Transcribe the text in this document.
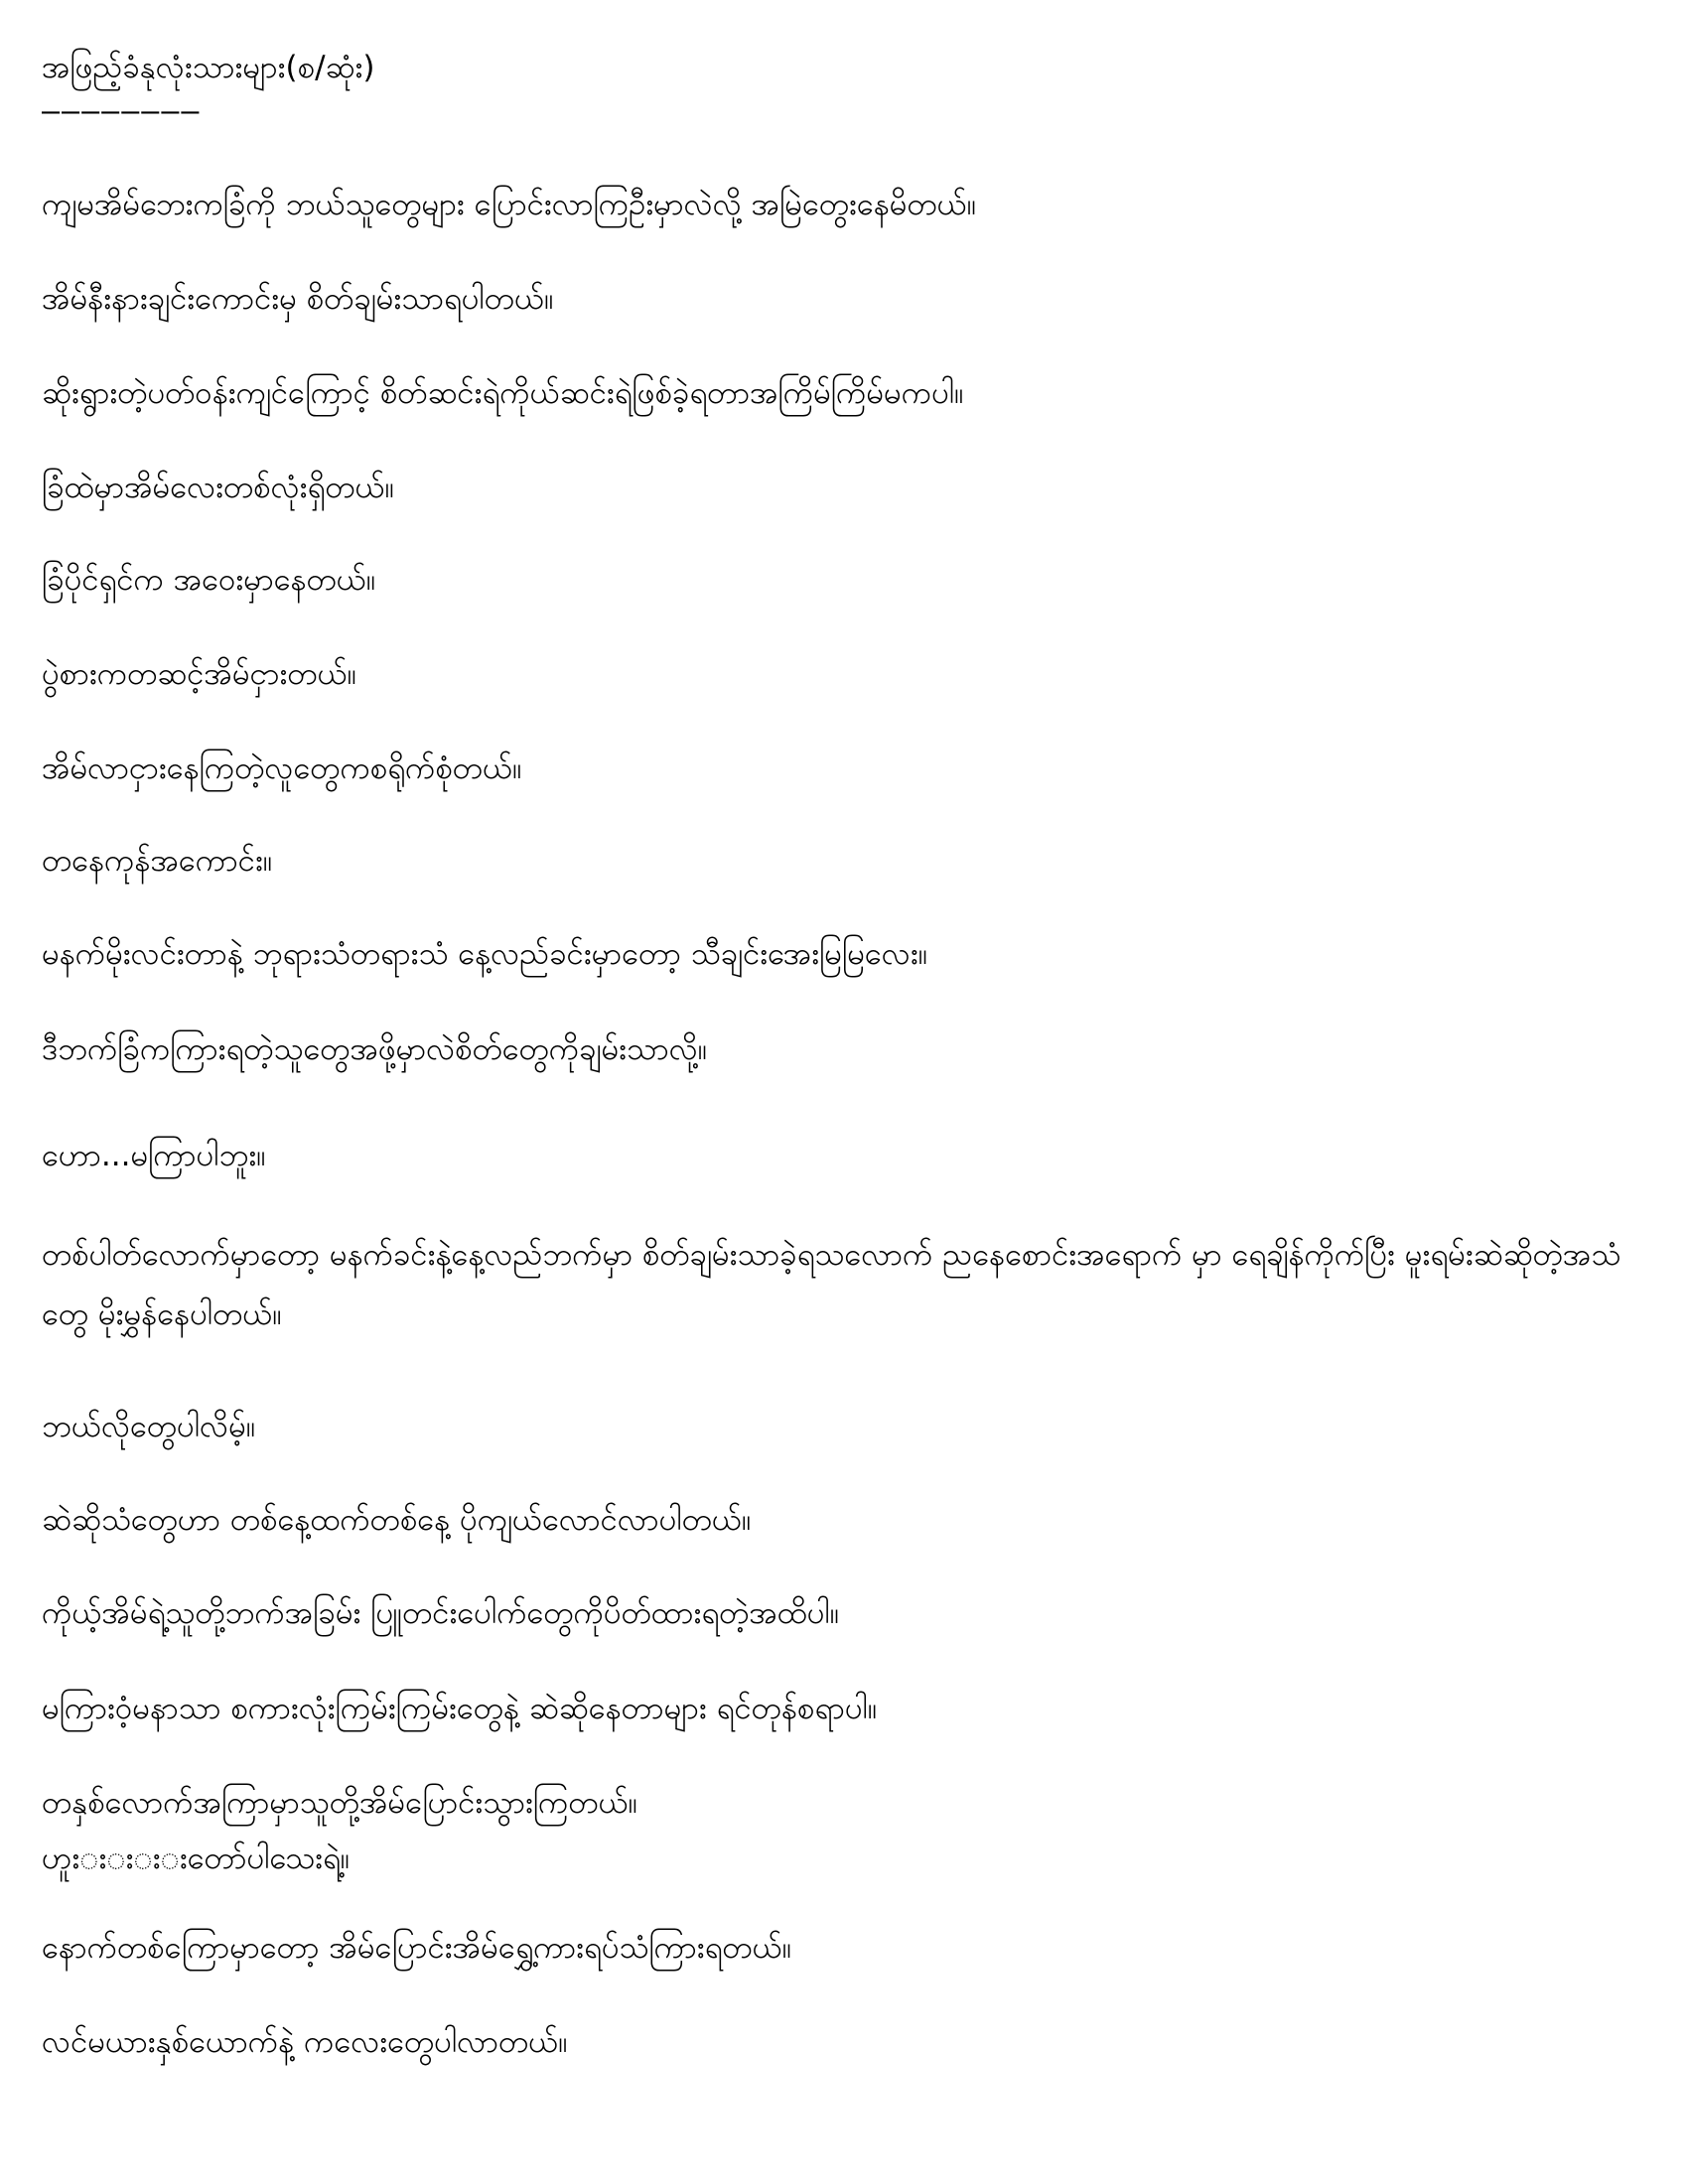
အဖြည့်ခံနုလုံးသားများ(စ/ဆုံး)
————————
ကျမအိမ်ဘေးကခြံကို ဘယ်သူတွေများ ပြောင်းလာကြဦးမှာလဲလို့ အမြဲတွေးနေမိတယ်။
အိမ်နီးနားချင်းကောင်းမှ စိတ်ချမ်းသာရပါတယ်။
ဆိုးရွားတဲ့ပတ်ဝန်းကျင်ကြောင့် စိတ်ဆင်းရဲကိုယ်ဆင်းရဲဖြစ်ခဲ့ရတာအကြိမ်ကြိမ်မကပါ။
ခြံထဲမှာအိမ်လေးတစ်လုံးရှိတယ်။
ခြံပိုင်ရှင်က အဝေးမှာနေတယ်။
ပွဲစားကတဆင့်အိမ်ငှားတယ်။
အိမ်လာငှားနေကြတဲ့လူတွေကစရိုက်စုံတယ်။
တနေကုန်အကောင်း။
မနက်မိုးလင်းတာနဲ့ ဘုရားသံတရားသံ နေ့လည်ခင်းမှာတော့ သီချင်းအေးမြမြလေး။
ဒီဘက်ခြံကကြားရတဲ့သူတွေအဖို့မှာလဲစိတ်တွေကိုချမ်းသာလို့။
ဟော...မကြာပါဘူး။
တစ်ပါတ်လောက်မှာတော့ မနက်ခင်းနဲ့နေ့လည်ဘက်မှာ စိတ်ချမ်းသာခဲ့ရသလောက် ညနေစောင်းအရောက် မှာ ရေချိန်ကိုက်ပြီး မူးရမ်းဆဲဆိုတဲ့အသံတွေ မိုးမွှန်နေပါတယ်။
ဘယ်လိုတွေပါလိမ့်။
ဆဲဆိုသံတွေဟာ တစ်နေ့ထက်တစ်နေ့ ပိုကျယ်လောင်လာပါတယ်။
ကိုယ့်အိမ်ရဲ့သူတို့ဘက်အခြမ်း ပြူတင်းပေါက်တွေကိုပိတ်ထားရတဲ့အထိပါ။
မကြားဝံ့မနာသာ စကားလုံးကြမ်းကြမ်းတွေနဲ့ ဆဲဆိုနေတာများ ရင်တုန်စရာပါ။
တနှစ်လောက်အကြာမှာသူတို့အိမ်ပြောင်းသွားကြတယ်။
ဟူး◌း◌း◌း◌းတော်ပါသေးရဲ့။
နောက်တစ်ကြောမှာတော့ အိမ်ပြောင်းအိမ်ရွှေ့ကားရပ်သံကြားရတယ်။
လင်မယားနှစ်ယောက်နဲ့ ကလေးတွေပါလာတယ်။
